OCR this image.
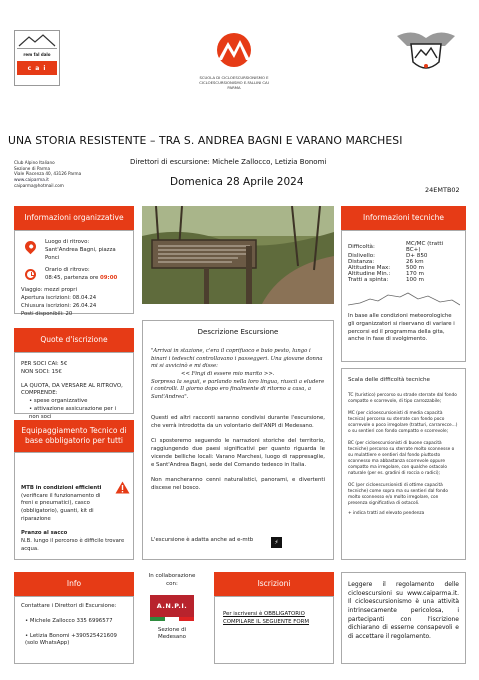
rem fal dalo
c a i
SCUOLA DI CICLOESCURSIONISMO E CICLOESCURSIONISMO E.FALLINI CAI PARMA
UNA STORIA RESISTENTE – TRA S. ANDREA BAGNI E VARANO MARCHESI
Club Alpino Italiano
Sezione di Parma
Viale Piacenza 40, 43126 Parma
www.caiparma.it
caiparma@hotmail.com
Direttori di escursione: Michele Zallocco, Letizia Bonomi
Domenica 28 Aprile 2024
24EMTB02
Informazioni organizzative
Luogo di ritrovo:
Sant'Andrea Bagni, piazza Ponci
Orario di ritrovo:
08:45, partenza ore 09:00
Viaggio: mezzi propri
Apertura iscrizioni: 08.04.24
Chiusura iscrizioni: 26.04.24
Posti disponibili: 20
Quote d'iscrizione
PER SOCI CAI: 5€
NON SOCI: 15€
LA QUOTA, DA VERSARE AL RITROVO, COMPRENDE:
• spese organizzative
• attivazione assicurazione per i non soci
Equipaggiamento Tecnico di base obbligatorio per tutti
MTB in condizioni efficienti
(verificare il funzionamento di freni e pneumatici), casco (obbligatorio), guanti, kit di riparazione
Pranzo al sacco
N.B. lungo il percorso è difficile trovare acqua.
Descrizione Escursione
"Arrivai in stazione, c'era il coprifuoco e buio pesto, lungo i binari i tedeschi controllavano i passeggeri. Una giovane donna mi si avvicinò e mi disse:
<< Fingi di essere mio marito >>.
Sorpresa la seguii, e parlando nella loro lingua, riuscii a eludere i controlli. Il giorno dopo ero finalmente di ritorno a casa, a Sant'Andrea".

Questi ed altri racconti saranno condivisi durante l'escursione, che verrà introdotta da un volontario dell'ANPI di Medesano.

Ci sposteremo seguendo le narrazioni storiche del territorio, raggiungendo due paesi significativi per quanto riguarda le vicende belliche locali: Varano Marchesi, luogo di rappresaglie, e Sant'Andrea Bagni, sede del Comando tedesco in Italia.

Non mancheranno cenni naturalistici, panorami, e divertenti discese nel bosco.

L'escursione è adatta anche ad e-mtb	⚡
Informazioni tecniche
Difficoltà:	MC/MC (tratti BC+)
Dislivello:	D+ 850
Distanza:	26 km
Altitudine Max:	500 m
Altitudine Min.:	170 m
Tratti a spinta:	100 m
In base alle condizioni meteorologiche gli organizzatori si riservano di variare i percorsi ed il programma della gita, anche in fase di svolgimento.
Scala delle difficoltà tecniche

TC (turistico) percorso su strade sterrate dal fondo compatto e scorrevole, di tipo carrozzabile;

MC (per cicloescursionisti di media capacità tecnica) percorso su sterrate con fondo poco scorrevole o poco irregolare (tratturi, carrarecce...) o su sentieri con fondo compatto e scorrevole;

BC (per cicloescursionisti di buone capacità tecniche) percorso su sterrate molto sconnesse o su mulattiere e sentieri dal fondo piuttosto sconnesso ma abbastanza scorrevole oppure compatto ma irregolare, con qualche ostacolo naturale (per es. gradini di roccia o radici);

OC (per cicloescursionisti di ottime capacità tecniche) come sopra ma su sentieri dal fondo molto sconnesso e/o molto irregolare, con presenza significativa di ostacoli.

+ indica tratti ad elevato pendenza

Info
Contattare i Direttori di Escursione:
• Michele Zallocco 335 6996577
• Letizia Bonomi +390525421609 (solo WhatsApp)
In collaborazione con:
A.N.P.I.
Sezione di Medesano
Iscrizioni
Per iscriversi è OBBLIGATORIO COMPILARE IL SEGUENTE FORM

Leggere il regolamento delle cicloescursioni su www.caiparma.it. Il cicloescursionismo è una attività intrinsecamente pericolosa, i partecipanti con l'iscrizione dichiarano di esserne consapevoli e di accettare il regolamento.
